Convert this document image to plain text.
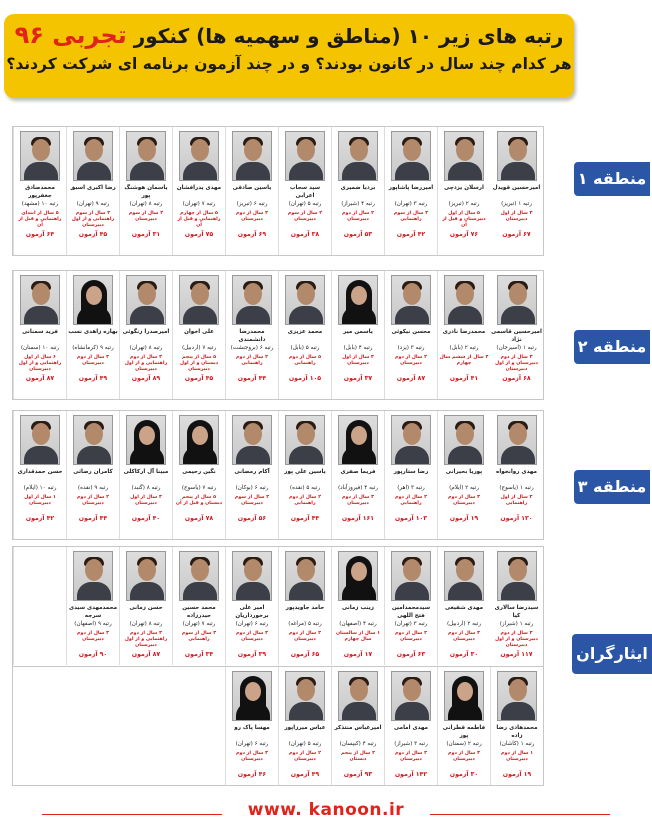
رتبه های زیر ۱۰ (مناطق و سهمیه ها) کنکور تجربی ۹۶
هر کدام چند سال در کانون بودند؟ و در چند آزمون برنامه ای شرکت کردند؟
منطقه ۱
منطقه ۲
منطقه ۳
ایثارگران
امیرحسین قویدل
رتبه ۱ (تبریز)
۳ سال از اول دبیرستان
۶۷ آزمون
ارسلان یزدچی
رتبه ۲ (تبریز)
۵ سال از اول دبیرستان و قبل از آن
۷۶ آزمون
امیررضا پاشاپور
رتبه ۳ (تهران)
۳ سال از سوم راهنمایی
۴۲ آزمون
بردیا ضمیری
رتبه ۴ (شیراز)
۴ سال از دوم دبیرستان
۵۳ آزمون
سید سحاب اعرابی
رتبه ۵ (تهران)
۲ سال از سوم دبیرستان
۳۸ آزمون
یاسین صادقی
رتبه ۶ (تبریز)
۳ سال از دوم دبیرستان
۶۹ آزمون
مهدی یدرافشان
رتبه ۷ (تهران)
۵ سال از چهارم راهنمایی و قبل از آن
۷۵ آزمون
یاسمان هوشنگ پور
رتبه ۸ (تهران)
۲ سال از سوم دبیرستان
۳۱ آزمون
رضا اکبری اسبق
رتبه ۹ (تهران)
۳ سال از سوم راهنمایی و از اول دبیرستان
۴۵ آزمون
محمدصادق جعفرپور
رتبه ۱۰ (مشهد)
۵ سال از ابتدای راهنمایی و قبل از آن
۶۴ آزمون
امیرحسین قاسمی نژاد
رتبه ۱ (اسیرجان)
۳ سال از دوم دبیرستان و از اول دبیرستان
۶۸ آزمون
محمدرضا نادری
رتبه ۲ (بابل)
۴ سال از ششم سال چهارم
۴۱ آزمون
محسن نیکوئی
رتبه ۳ (یزد)
۴ سال از دوم دبیرستان
۸۷ آزمون
یاسمن میر
رتبه ۴ (بابل)
۳ سال از اول دبیرستان
۳۷ آزمون
محمد عزیزی
رتبه ۵ (بابل)
۵ سال از دوم راهنمایی
۱۰۵ آزمون
محمدرضا دانشمندی
رتبه ۶ (بروجنشت)
۴ سال از دوم راهنمایی
۴۴ آزمون
علی اخوان
رتبه ۷ (اردبیل)
۵ سال از پنجم دبستان و از اول دبیرستان
۴۵ آزمون
امیرصدرا زنگوئی
رتبه ۸ (تهران)
۴ سال از دوم راهنمایی و از اول دبیرستان
۸۹ آزمون
بهاره زاهدی نسب
رتبه ۹ (کرمانشاه)
۳ سال از دوم دبیرستان
۴۹ آزمون
فرید سمنانی
رتبه ۱۰ (سمنان)
۶ سال از اول راهنمایی و از اول دبیرستان
۸۷ آزمون
مهدی روانخواه
رتبه ۱ (یاسوج)
۳ سال از اول راهنمایی
۱۳۰ آزمون
پوریا بحیرانی
رتبه ۲ (ایلام)
۳ سال از دوم دبیرستان
۱۹ آزمون
رضا ستارپور
رتبه ۳ (اهر)
۴ سال از دوم راهنمایی
۱۰۳ آزمون
فریما صفری
رتبه ۴ (فیروزآباد)
۳ سال از دوم دبیرستان
۱۶۱ آزمون
یاسین علی پور
رتبه ۵ (نقده)
۲ سال از دوم راهنمایی
۴۴ آزمون
آکام رمضانی
رتبه ۶ (بوکان)
۴ سال از سوم دبیرستان
۵۶ آزمون
نگین رحیمی
رتبه ۷ (یاسوج)
۵ سال از پنجم دبستان و قبل از آن
۷۸ آزمون
مبینا آل ارکاکلی
رتبه ۸ (گنبد)
۳ سال از اول دبیرستان
۴۰ آزمون
کامران رضائی
رتبه ۹ (نقده)
۲ سال از دوم دبیرستان
۴۴ آزمون
حسن حمدقداری
رتبه ۱۰ (ایلام)
۱ سال از اول دبیرستان
۴۲ آزمون
سیدرضا سالاری کیا
رتبه ۱ (شیراز)
۳ سال از دوم دبیرستان و از اول دبیرستان
۱۱۷ آزمون
مهدی شفیعی
رتبه ۲ (اردبیل)
۳ سال از دوم دبیرستان
۳۰ آزمون
سیدمحمدامین فتح اللهی
رتبه ۳ (تهران)
۴ سال از دوم دبیرستان
۶۳ آزمون
زینب زمانی
رتبه ۴ (اصفهان)
۱ سال از سالستان سال چهارم
۱۷ آزمون
حامد جاویدپور
رتبه ۵ (مراغه)
۴ سال از دوم دبیرستان
۶۵ آزمون
امیر علی برخورداریان
رتبه ۶ (تهران)
۳ سال از دوم دبیرستان
۳۹ آزمون
محمد حسین حیدرزاده
رتبه ۷ (تهران)
۴ سال از سوم راهنمایی
۳۴ آزمون
حسن زمانی
رتبه ۸ (تهران)
۴ سال از دوم راهنمایی و از اول دبیرستان
۸۷ آزمون
محمدمهدی سیدی سرجه
رتبه ۹ (اصفهان)
۳ سال از دوم دبیرستان
۹۰ آزمون
محمدهادی رضا زاده
رتبه ۱ (کاشان)
۱ سال از دوم دبیرستان
۱۹ آزمون
فاطمه قطرانی پور
رتبه ۲ (سمنان)
۳ سال از دوم دبیرستان
۳۰ آزمون
مهدی امامی
رتبه ۳ (شیراز)
۴ سال از دوم دبیرستان
۱۴۲ آزمون
امیرعباس منتذکر
رتبه ۴ (کبیسان)
۴ سال از پنجم دبستان
۹۳ آزمون
عباس میرزاپور
رتبه ۵ (تهران)
۲ سال از دوم دبیرستان
۴۹ آزمون
مهسا پاک رو
رتبه ۶ (تهران)
۳ سال از دوم دبیرستان
۴۶ آزمون
www. kanoon.ir
